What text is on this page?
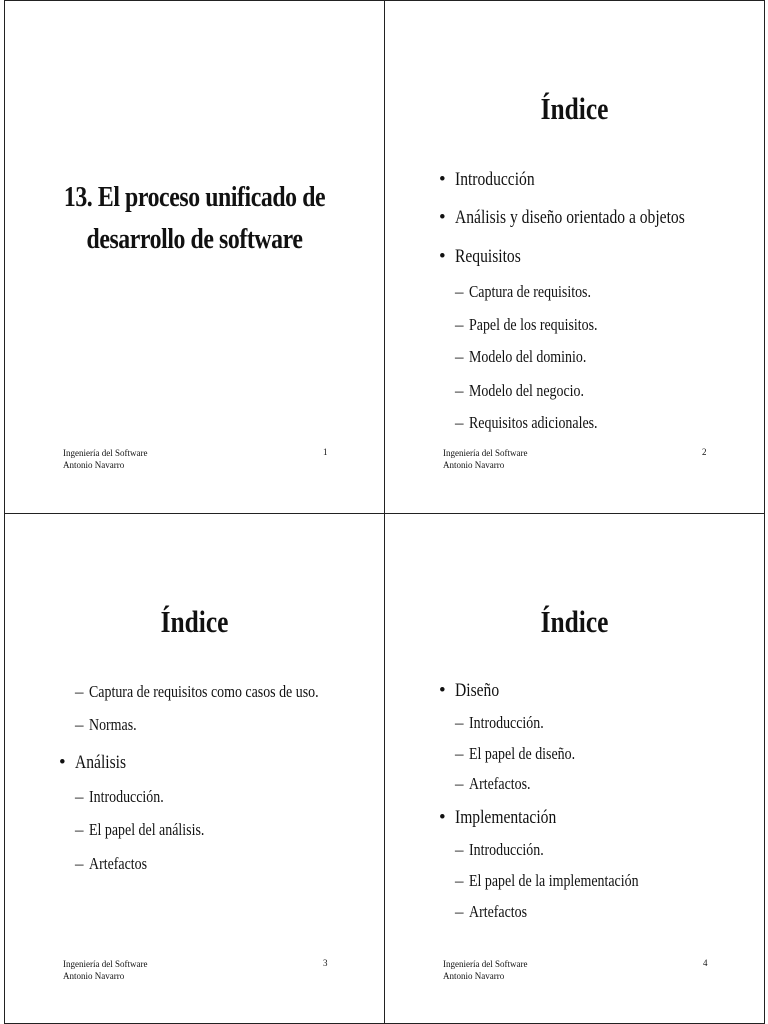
13. El proceso unificado de
desarrollo de software
Ingeniería del Software
Antonio Navarro
1
Índice
• Introducción
• Análisis y diseño orientado a objetos
• Requisitos
– Captura de requisitos.
– Papel de los requisitos.
– Modelo del dominio.
– Modelo del negocio.
– Requisitos adicionales.
Ingeniería del Software
Antonio Navarro
2
Índice
– Captura de requisitos como casos de uso.
– Normas.
• Análisis
– Introducción.
– El papel del análisis.
– Artefactos
Ingeniería del Software
Antonio Navarro
3
Índice
• Diseño
– Introducción.
– El papel de diseño.
– Artefactos.
• Implementación
– Introducción.
– El papel de la implementación
– Artefactos
Ingeniería del Software
Antonio Navarro
4
